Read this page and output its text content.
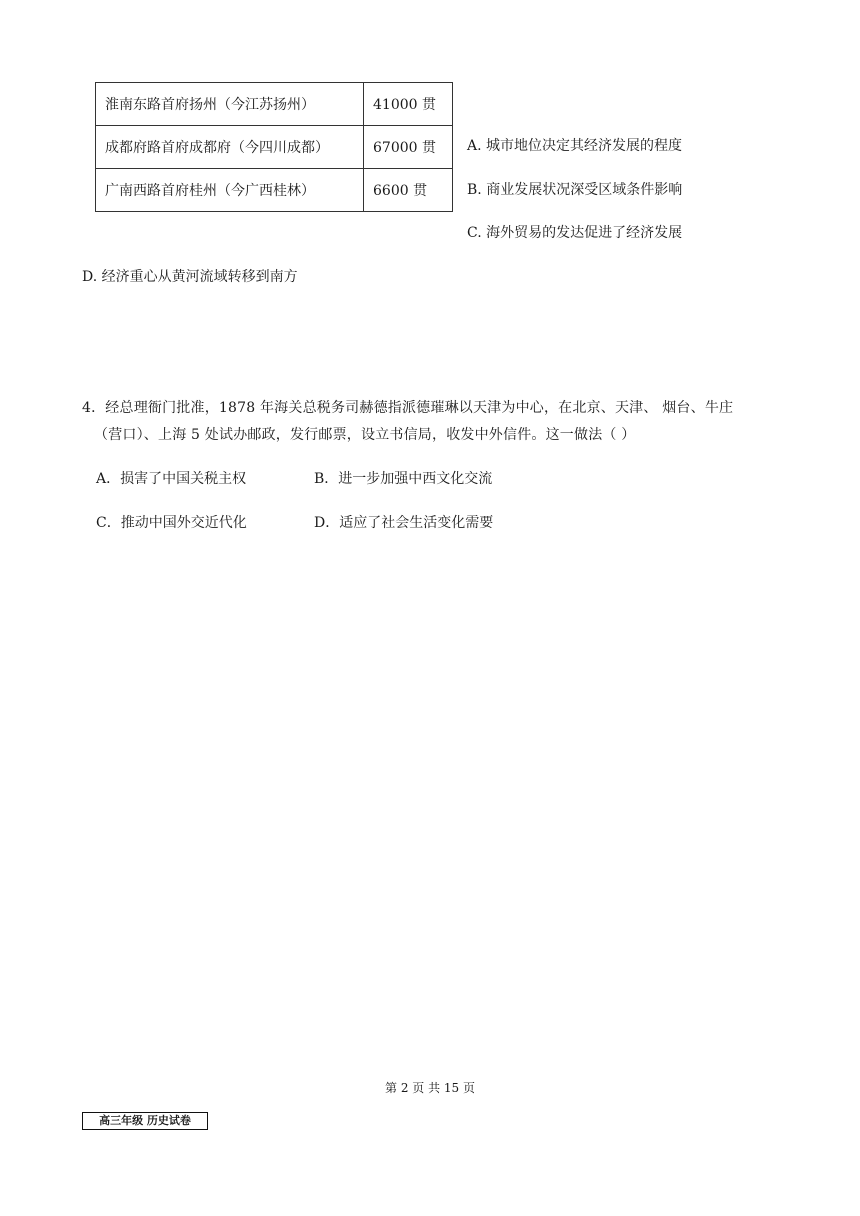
淮南东路首府扬州（今江苏扬州）	41000 贯
成都府路首府成都府（今四川成都）	67000 贯
广南西路首府桂州（今广西桂林）	6600 贯
A. 城市地位决定其经济发展的程度
B. 商业发展状况深受区域条件影响
C. 海外贸易的发达促进了经济发展
D. 经济重心从黄河流域转移到南方
4．经总理衙门批准，1878 年海关总税务司赫德指派德璀琳以天津为中心，在北京、天津、 烟台、牛庄
（营口）、上海 5 处试办邮政，发行邮票，设立书信局，收发中外信件。这一做法（ ）
A．损害了中国关税主权	B．进一步加强中西文化交流
C．推动中国外交近代化	D．适应了社会生活变化需要
第 2 页 共 15 页
高三年级 历史试卷
